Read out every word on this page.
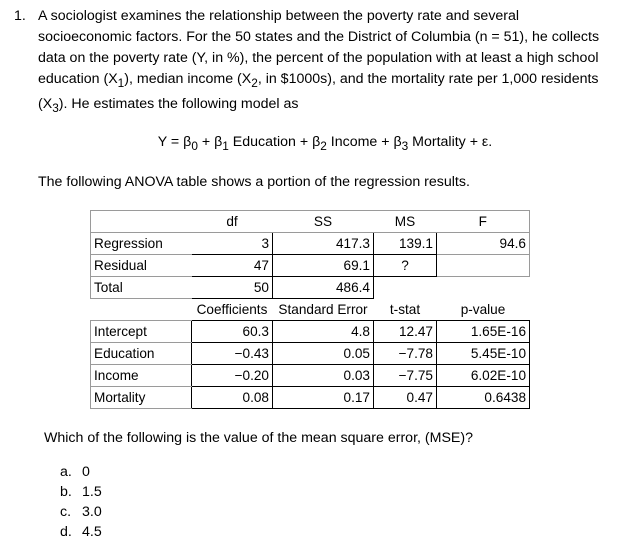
1. A sociologist examines the relationship between the poverty rate and several socioeconomic factors. For the 50 states and the District of Columbia (n = 51), he collects data on the poverty rate (Y, in %), the percent of the population with at least a high school education $(X_1)$, median income ($X_2$, in $1000s), and the mortality rate per 1,000 residents $(X_3)$. He estimates the following model as

$Y = \beta_0 + \beta_1$ Education + $\beta_2$ Income + $\beta_3$ Mortality + ε.
The following ANOVA table shows a portion of the regression results.
	df	SS	MS	F
Regression	3	417.3	139.1	94.6
Residual	47	69.1	?	
Total	50	486.4		
	Coefficients	Standard Error	t-stat	p-value
Intercept	60.3	4.8	12.47	1.65E-16
Education	−0.43	0.05	−7.78	5.45E-10
Income	−0.20	0.03	−7.75	6.02E-10
Mortality	0.08	0.17	0.47	0.6438
Which of the following is the value of the mean square error, (MSE)?
a. 0
b. 1.5
c. 3.0
d. 4.5
